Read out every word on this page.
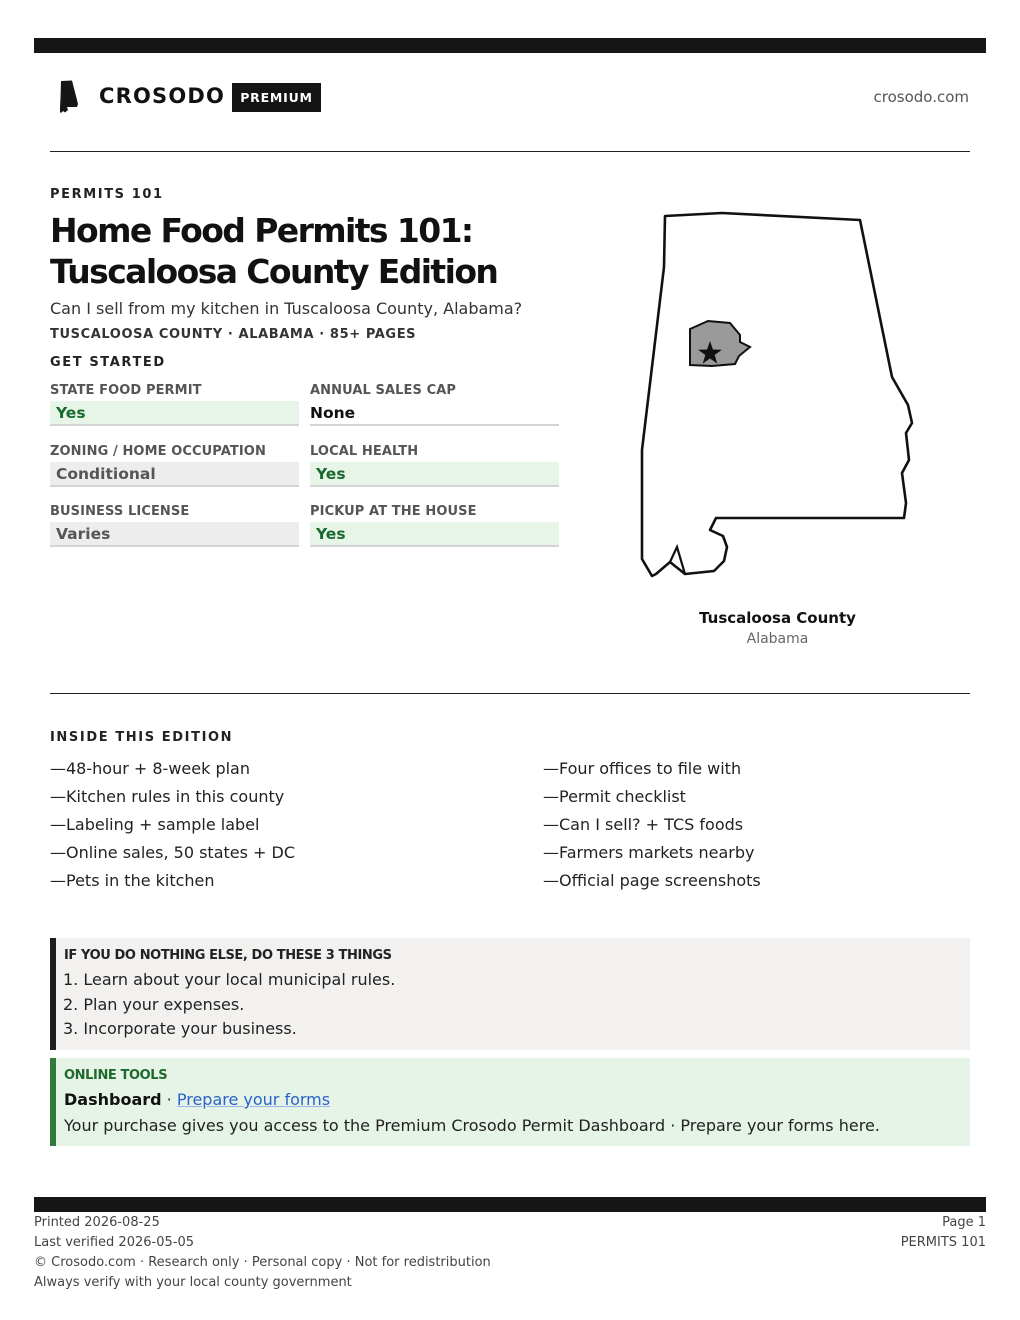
CROSODO	PREMIUM	crosodo.com
PERMITS 101
Home Food Permits 101:
Tuscaloosa County Edition
Can I sell from my kitchen in Tuscaloosa County, Alabama?
TUSCALOOSA COUNTY · ALABAMA · 85+ PAGES
GET STARTED
STATE FOOD PERMIT
Yes
ANNUAL SALES CAP
None
ZONING / HOME OCCUPATION
Conditional
LOCAL HEALTH
Yes
BUSINESS LICENSE
Varies
PICKUP AT THE HOUSE
Yes
Tuscaloosa County
Alabama
INSIDE THIS EDITION
—48-hour + 8-week plan
—Kitchen rules in this county
—Labeling + sample label
—Online sales, 50 states + DC
—Pets in the kitchen
—Four offices to file with
—Permit checklist
—Can I sell? + TCS foods
—Farmers markets nearby
—Official page screenshots
IF YOU DO NOTHING ELSE, DO THESE 3 THINGS
1. Learn about your local municipal rules.
2. Plan your expenses.
3. Incorporate your business.
ONLINE TOOLS
Dashboard · Prepare your forms
Your purchase gives you access to the Premium Crosodo Permit Dashboard · Prepare your forms here.
Printed 2026-08-25
Last verified 2026-05-05
© Crosodo.com · Research only · Personal copy · Not for redistribution
Always verify with your local county government
Page 1
PERMITS 101
